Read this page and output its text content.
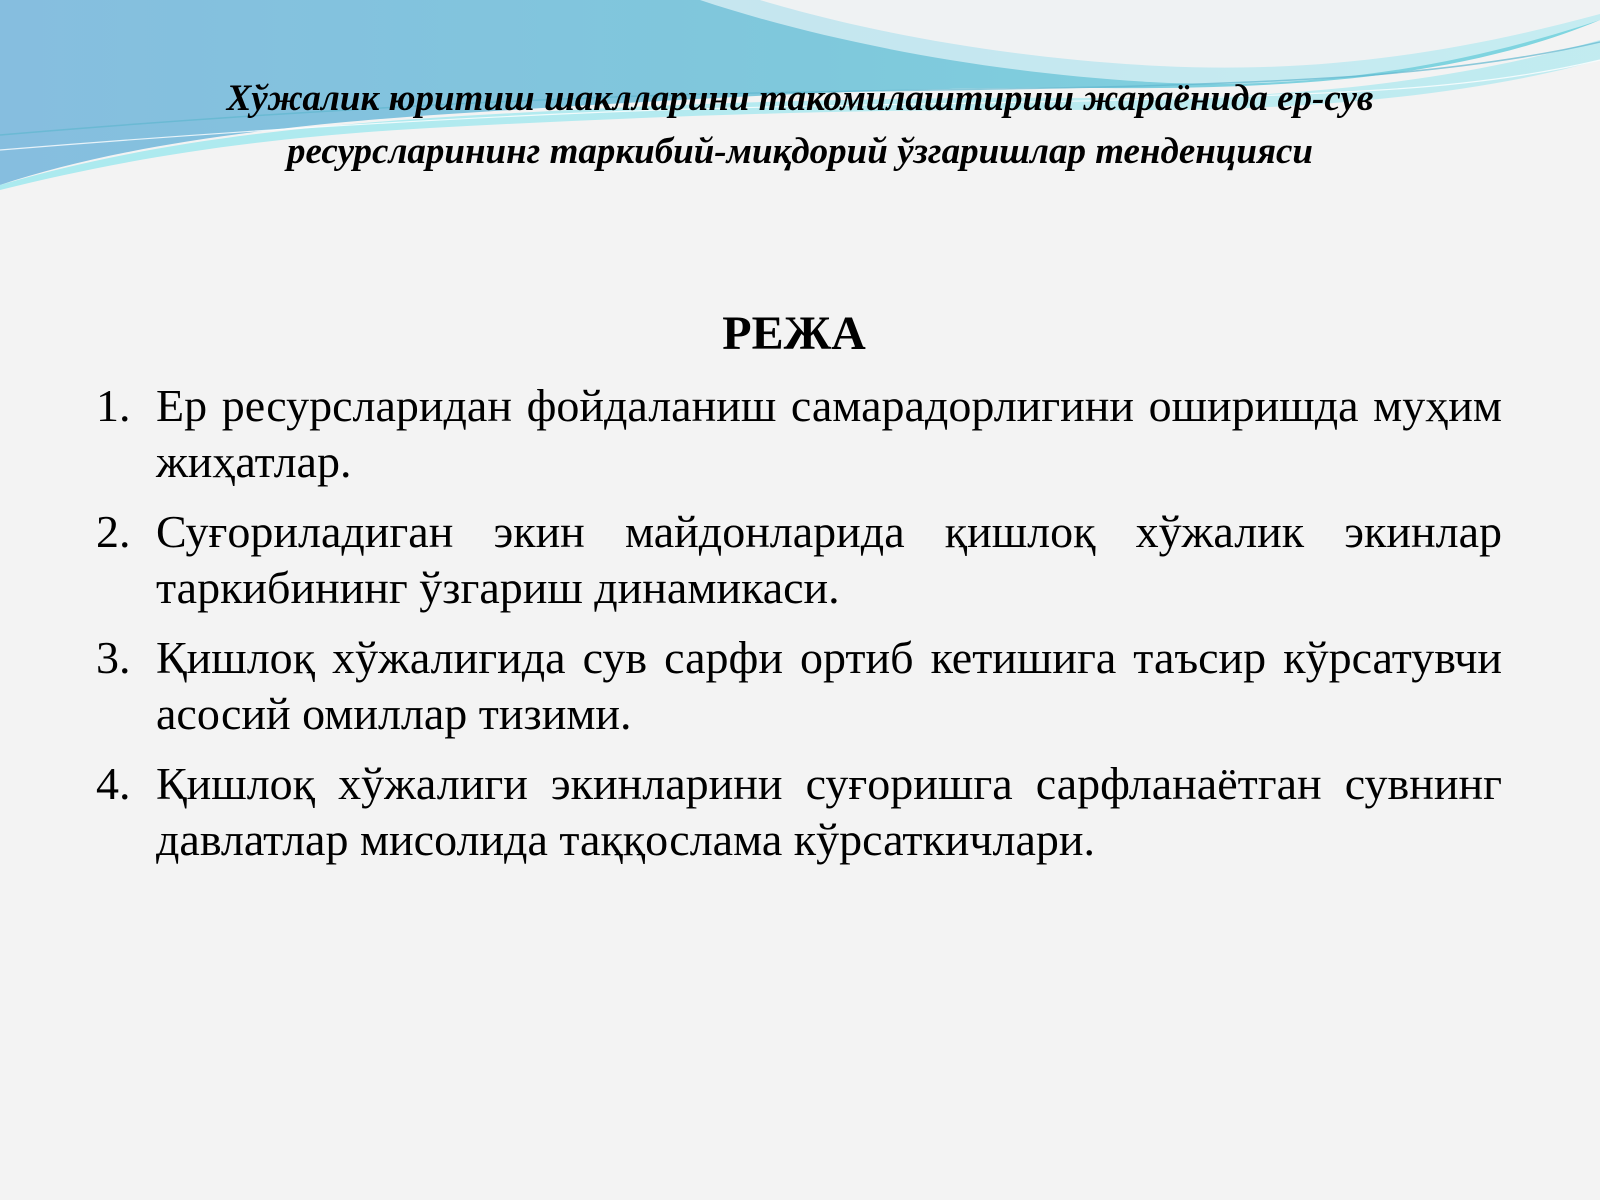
Хўжалик юритиш шаклларини такомилаштириш жараёнида ер-сув ресурсларининг таркибий-миқдорий ўзгаришлар тенденцияси
РЕЖА
1. Ер ресурсларидан фойдаланиш самарадорлигини оширишда муҳим жиҳатлар.
2. Суғориладиган экин майдонларида қишлоқ хўжалик экинлар таркибининг ўзгариш динамикаси.
3. Қишлоқ хўжалигида сув сарфи ортиб кетишига таъсир кўрсатувчи асосий омиллар тизими.
4. Қишлоқ хўжалиги экинларини суғоришга сарфланаётган сувнинг давлатлар мисолида таққослама кўрсаткичлари.
